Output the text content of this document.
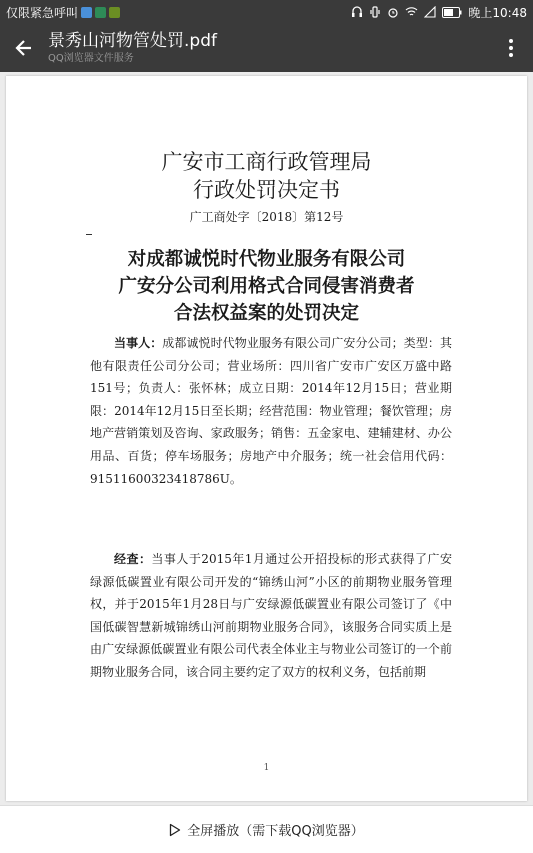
仅限紧急呼叫	晚上10:48
景秀山河物管处罚.pdf
QQ浏览器文件服务
广安市工商行政管理局
行政处罚决定书
广工商处字〔2018〕第12号
对成都诚悦时代物业服务有限公司
广安分公司利用格式合同侵害消费者
合法权益案的处罚决定

当事人：成都诚悦时代物业服务有限公司广安分公司；类型：其他有限责任公司分公司；营业场所：四川省广安市广安区万盛中路151号；负责人：张怀林；成立日期：2014年12月15日；营业期限：2014年12月15日至长期；经营范围：物业管理；餐饮管理；房地产营销策划及咨询、家政服务；销售：五金家电、建辅建材、办公用品、百货；停车场服务；房地产中介服务；统一社会信用代码：91511600323418786U。

经查：当事人于2015年1月通过公开招投标的形式获得了广安绿源低碳置业有限公司开发的“锦绣山河”小区的前期物业服务管理权，并于2015年1月28日与广安绿源低碳置业有限公司签订了《中国低碳智慧新城锦绣山河前期物业服务合同》，该服务合同实质上是由广安绿源低碳置业有限公司代表全体业主与物业公司签订的一个前期物业服务合同，该合同主要约定了双方的权利义务，包括前期

1
全屏播放（需下载QQ浏览器）
